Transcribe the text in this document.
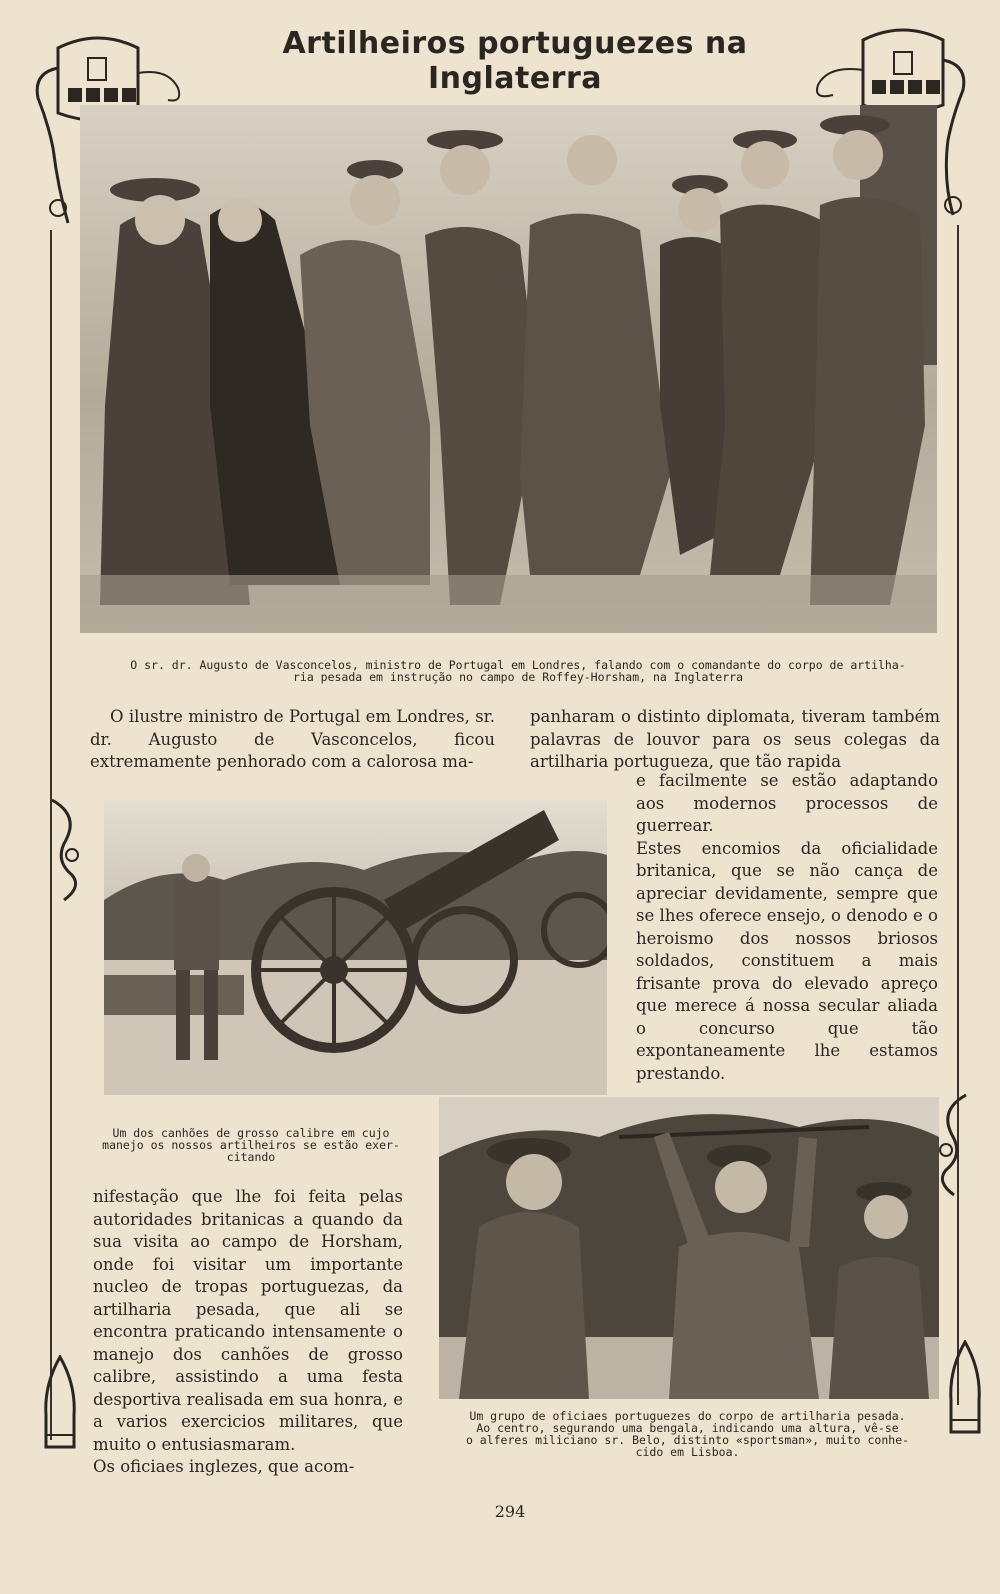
Artilheiros portuguezes na Inglaterra
O sr. dr. Augusto de Vasconcelos, ministro de Portugal em Londres, falando com o comandante do corpo de artilha-
ria pesada em instrução no campo de Roffey-Horsham, na Inglaterra
O ilustre ministro de Portugal em Londres, sr. dr. Augusto de Vasconcelos, ficou extremamente penhorado com a calorosa ma-
panharam o distinto diplomata, tiveram também palavras de louvor para os seus colegas da artilharia portugueza, que tão rapida
e facilmente se estão adaptando aos modernos processos de guerrear.
Estes encomios da oficialidade britanica, que se não cança de apreciar devidamente, sempre que se lhes oferece ensejo, o denodo e o heroismo dos nossos briosos soldados, constituem a mais frisante prova do elevado apreço que merece á nossa secular aliada o concurso que tão expontaneamente lhe estamos prestando.
Um dos canhões de grosso calibre em cujo
manejo os nossos artilheiros se estão exer-
citando
nifestação que lhe foi feita pelas autoridades britanicas a quando da sua visita ao campo de Horsham, onde foi visitar um importante nucleo de tropas portuguezas, da artilharia pesada, que ali se encontra praticando intensamente o manejo dos canhões de grosso calibre, assistindo a uma festa desportiva realisada em sua honra, e a varios exercicios militares, que muito o entusiasmaram.
Os oficiaes inglezes, que acom-
Um grupo de oficiaes portuguezes do corpo de artilharia pesada.
Ao centro, segurando uma bengala, indicando uma altura, vê-se
o alferes miliciano sr. Belo, distinto «sportsman», muito conhe-
cido em Lisboa.
294
